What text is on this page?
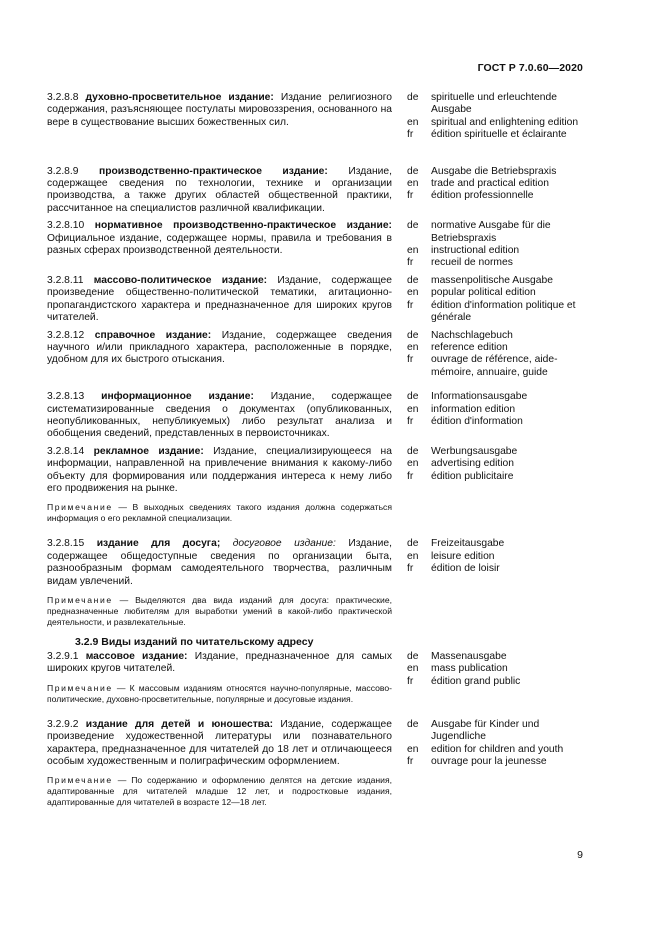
ГОСТ Р 7.0.60—2020
3.2.8.8 духовно-просветительное издание: Издание религиозного содержания, разъясняющее постулаты мировоззрения, основанного на вере в существование высших божественных сил.
de	spirituelle und erleuchtende Ausgabe
en	spiritual and enlightening edition
fr	édition spirituelle et éclairante
3.2.8.9 производственно-практическое издание: Издание, содержащее сведения по технологии, технике и организации производства, а также других областей общественной практики, рассчитанное на специалистов различной квалификации.
de	Ausgabe die Betriebspraxis
en	trade and practical edition
fr	édition professionnelle
3.2.8.10 нормативное производственно-практическое издание: Официальное издание, содержащее нормы, правила и требования в разных сферах производственной деятельности.
de	normative Ausgabe für die Betriebspraxis
en	instructional edition
fr	recueil de normes
3.2.8.11 массово-политическое издание: Издание, содержащее произведение общественно-политической тематики, агитационно-пропагандистского характера и предназначенное для широких кругов читателей.
de	massenpolitische Ausgabe
en	popular political edition
fr	édition d'information politique et générale
3.2.8.12 справочное издание: Издание, содержащее сведения научного и/или прикладного характера, расположенные в порядке, удобном для их быстрого отыскания.
de	Nachschlagebuch
en	reference edition
fr	ouvrage de référence, aide-mémoire, annuaire, guide
3.2.8.13 информационное издание: Издание, содержащее систематизированные сведения о документах (опубликованных, неопубликованных, непубликуемых) либо результат анализа и обобщения сведений, представленных в первоисточниках.
de	Informationsausgabe
en	information edition
fr	édition d'information
3.2.8.14 рекламное издание: Издание, специализирующееся на информации, направленной на привлечение внимания к какому-либо объекту для формирования или поддержания интереса к нему либо его продвижения на рынке.
Примечание — В выходных сведениях такого издания должна содержаться информация о его рекламной специализации.
de	Werbungsausgabe
en	advertising edition
fr	édition publicitaire
3.2.8.15 издание для досуга; досуговое издание: Издание, содержащее общедоступные сведения по организации быта, разнообразным формам самодеятельного творчества, различным видам увлечений.
Примечание — Выделяются два вида изданий для досуга: практические, предназначенные любителям для выработки умений в какой-либо практической деятельности, и развлекательные.
de	Freizeitausgabe
en	leisure edition
fr	édition de loisir
3.2.9 Виды изданий по читательскому адресу
3.2.9.1 массовое издание: Издание, предназначенное для самых широких кругов читателей.
Примечание — К массовым изданиям относятся научно-популярные, массово-политические, духовно-просветительные, популярные и досуговые издания.
de	Massenausgabe
en	mass publication
fr	édition grand public
3.2.9.2 издание для детей и юношества: Издание, содержащее произведение художественной литературы или познавательного характера, предназначенное для читателей до 18 лет и отличающееся особым художественным и полиграфическим оформлением.
Примечание — По содержанию и оформлению делятся на детские издания, адаптированные для читателей младше 12 лет, и подростковые издания, адаптированные для читателей в возрасте 12—18 лет.
de	Ausgabe für Kinder und Jugendliche
en	edition for children and youth
fr	ouvrage pour la jeunesse
9
